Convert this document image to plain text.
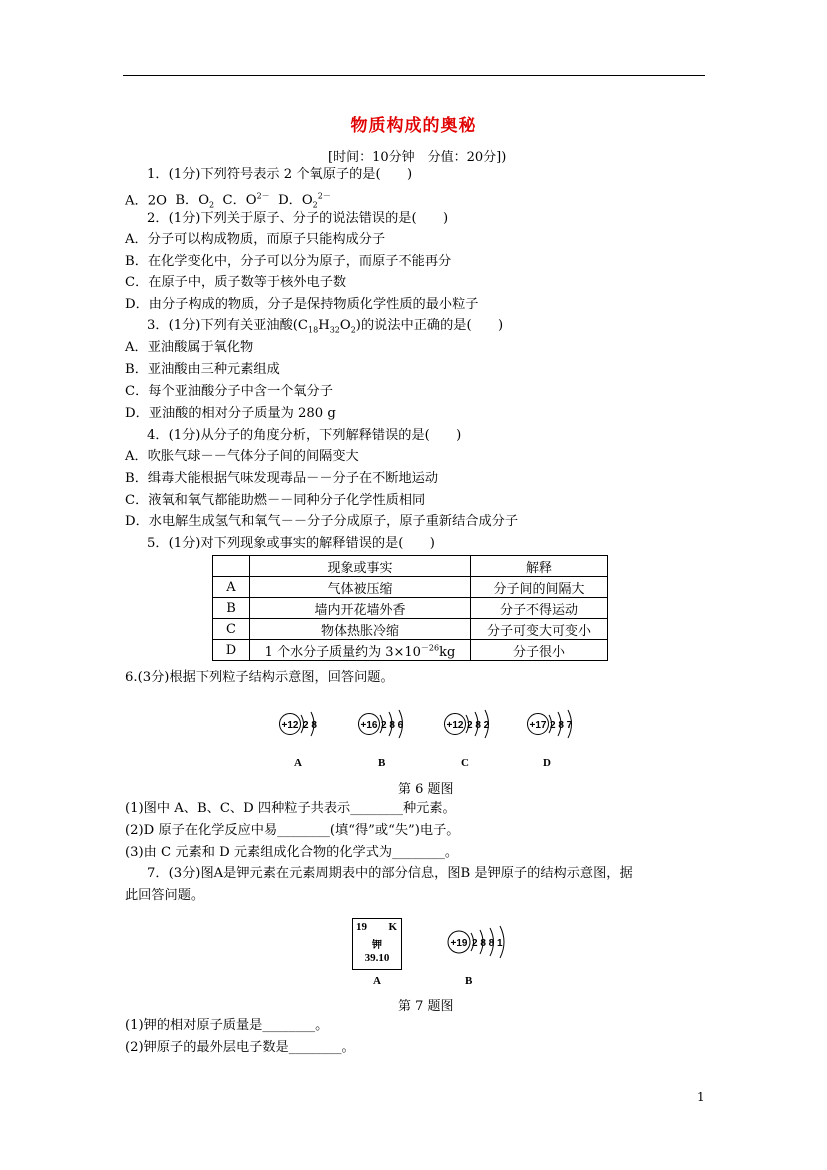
物质构成的奥秘
[时间：10分钟　分值：20分])
1．(1分)下列符号表示 2 个氧原子的是(　　)
A．2O B．$O_2$ C．$O^{2-}$ D．$O_2^{2-}$
2．(1分)下列关于原子、分子的说法错误的是(　　)
A．分子可以构成物质，而原子只能构成分子
B．在化学变化中，分子可以分为原子，而原子不能再分
C．在原子中，质子数等于核外电子数
D．由分子构成的物质，分子是保持物质化学性质的最小粒子
3．(1分)下列有关亚油酸$(C_{18}H_{32}O_2)$的说法中正确的是(　　)
A．亚油酸属于氧化物
B．亚油酸由三种元素组成
C．每个亚油酸分子中含一个氧分子
D．亚油酸的相对分子质量为 280 g
4．(1分)从分子的角度分析，下列解释错误的是(　　)
A．吹胀气球－－气体分子间的间隔变大
B．缉毒犬能根据气味发现毒品－－分子在不断地运动
C．液氧和氧气都能助燃－－同种分子化学性质相同
D．水电解生成氢气和氧气－－分子分成原子，原子重新结合成分子
5．(1分)对下列现象或事实的解释错误的是(　　)
	现象或事实	解释
A	气体被压缩	分子间的间隔大
B	墙内开花墙外香	分子不得运动
C	物体热胀冷缩	分子可变大可变小
D	1 个水分子质量约为 $3\times 10^{-26}kg$	分子很小
6.(3分)根据下列粒子结构示意图，回答问题。
+12 2 8	+16 2 8 6	+12 2 8 2	+17 2 8 7
A	B	C	D
第 6 题图
(1)图中 A、B、C、D 四种粒子共表示________种元素。
(2)D 原子在化学反应中易________(填“得”或“失”)电子。
(3)由 C 元素和 D 元素组成化合物的化学式为________。
7．(3分)图A是钾元素在元素周期表中的部分信息，图B 是钾原子的结构示意图，据
此回答问题。
19 K
钾
39.10
+19 2 8 8 1
A	B
第 7 题图
(1)钾的相对原子质量是________。
(2)钾原子的最外层电子数是________。
1
